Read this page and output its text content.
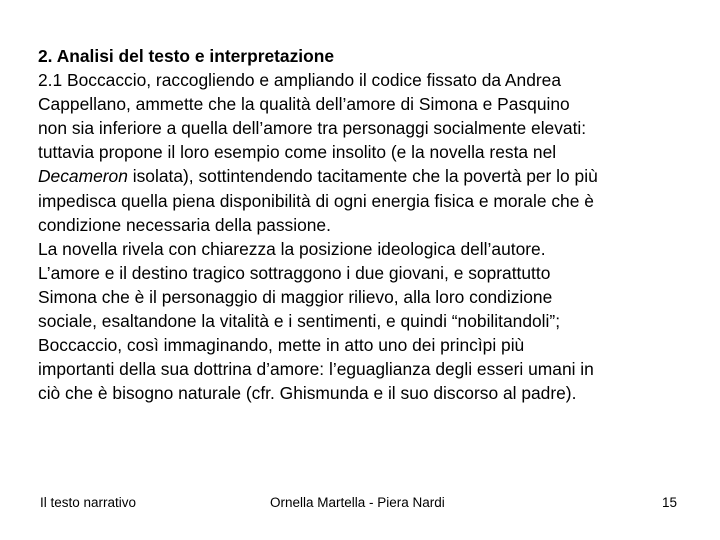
2. Analisi del testo e interpretazione
2.1 Boccaccio, raccogliendo e ampliando il codice fissato da Andrea
Cappellano, ammette che la qualità dell’amore di Simona e Pasquino
non sia inferiore a quella dell’amore tra personaggi socialmente elevati:
tuttavia propone il loro esempio come insolito (e la novella resta nel
Decameron isolata), sottintendendo tacitamente che la povertà per lo più
impedisca quella piena disponibilità di ogni energia fisica e morale che è
condizione necessaria della passione.
La novella rivela con chiarezza la posizione ideologica dell’autore.
L’amore e il destino tragico sottraggono i due giovani, e soprattutto
Simona che è il personaggio di maggior rilievo, alla loro condizione
sociale, esaltandone la vitalità e i sentimenti, e quindi “nobilitandoli”;
Boccaccio, così immaginando, mette in atto uno dei princìpi più
importanti della sua dottrina d’amore: l’eguaglianza degli esseri umani in
ciò che è bisogno naturale (cfr. Ghismunda e il suo discorso al padre).
Il testo narrativo	Ornella Martella - Piera Nardi	15
